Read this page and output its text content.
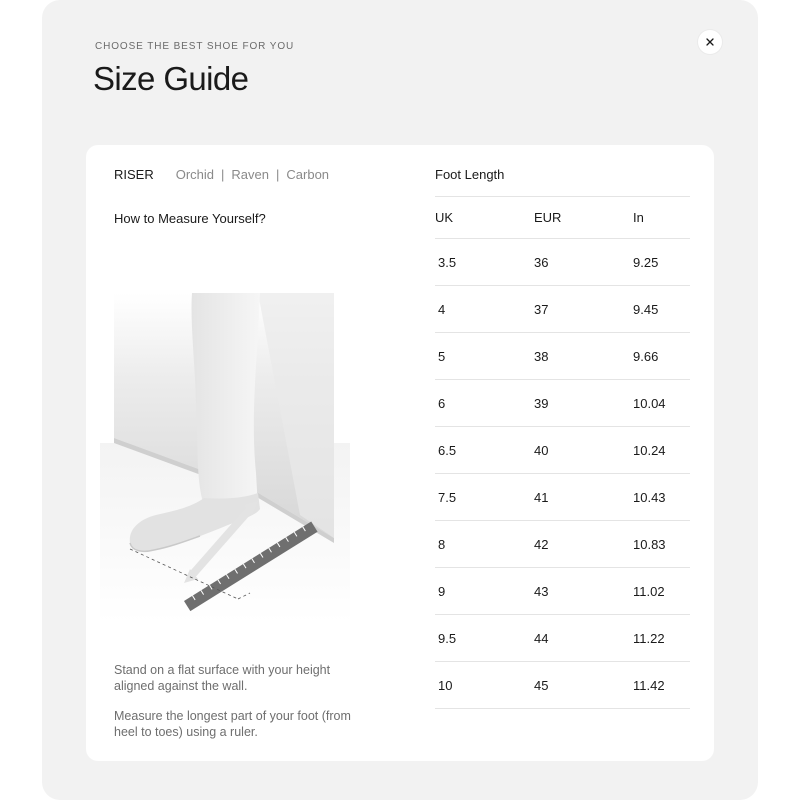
CHOOSE THE BEST SHOE FOR YOU
Size Guide
RISER Orchid | Raven | Carbon
How to Measure Yourself?

Stand on a flat surface with your height aligned against the wall.

Measure the longest part of your foot (from heel to toes) using a ruler.

Foot Length
UK	EUR	In
3.5	36	9.25
4	37	9.45
5	38	9.66
6	39	10.04
6.5	40	10.24
7.5	41	10.43
8	42	10.83
9	43	11.02
9.5	44	11.22
10	45	11.42
